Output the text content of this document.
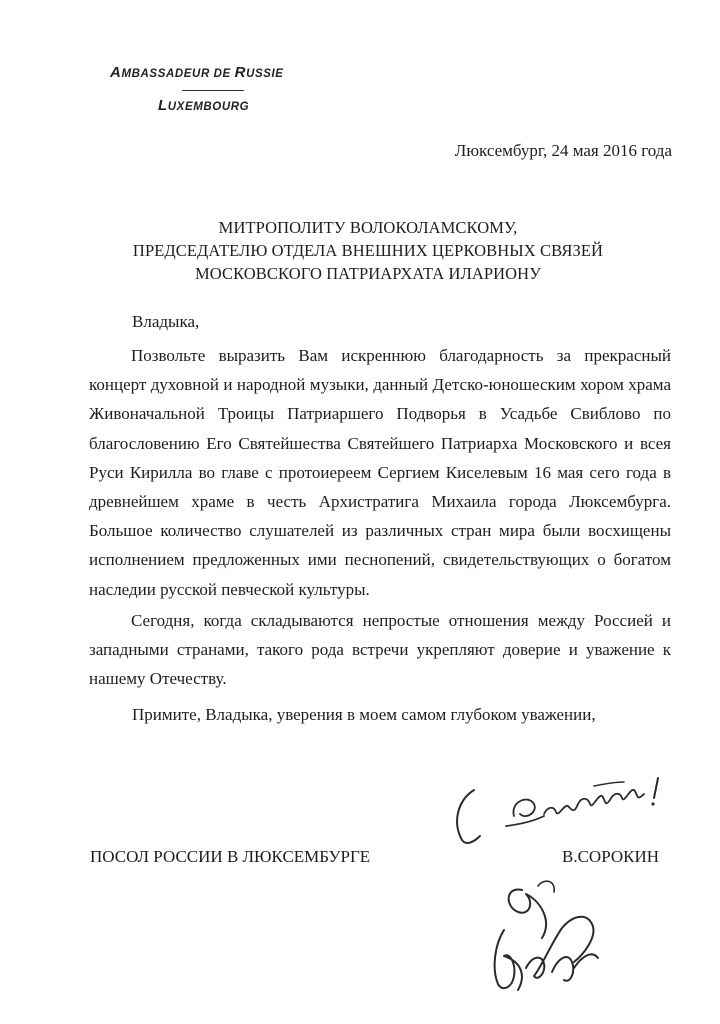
AMBASSADEUR DE RUSSIE
LUXEMBOURG
Люксембург, 24 мая 2016 года
МИТРОПОЛИТУ ВОЛОКОЛАМСКОМУ,
ПРЕДСЕДАТЕЛЮ ОТДЕЛА ВНЕШНИХ ЦЕРКОВНЫХ СВЯЗЕЙ
МОСКОВСКОГО ПАТРИАРХАТА ИЛАРИОНУ
Владыка,

Позвольте выразить Вам искреннюю благодарность за прекрасный концерт духовной и народной музыки, данный Детско-юношеским хором храма Живоначальной Троицы Патриаршего Подворья в Усадьбе Свиблово по благословению Его Святейшества Святейшего Патриарха Московского и всея Руси Кирилла во главе с протоиереем Сергием Киселевым 16 мая сего года в древнейшем храме в честь Архистратига Михаила города Люксембурга. Большое количество слушателей из различных стран мира были восхищены исполнением предложенных ими песнопений, свидетельствующих о богатом наследии русской певческой культуры.

Сегодня, когда складываются непростые отношения между Россией и западными странами, такого рода встречи укрепляют доверие и уважение к нашему Отечеству.

Примите, Владыка, уверения в моем самом глубоком уважении,
ПОСОЛ РОССИИ В ЛЮКСЕМБУРГЕ	В.СОРОКИН
